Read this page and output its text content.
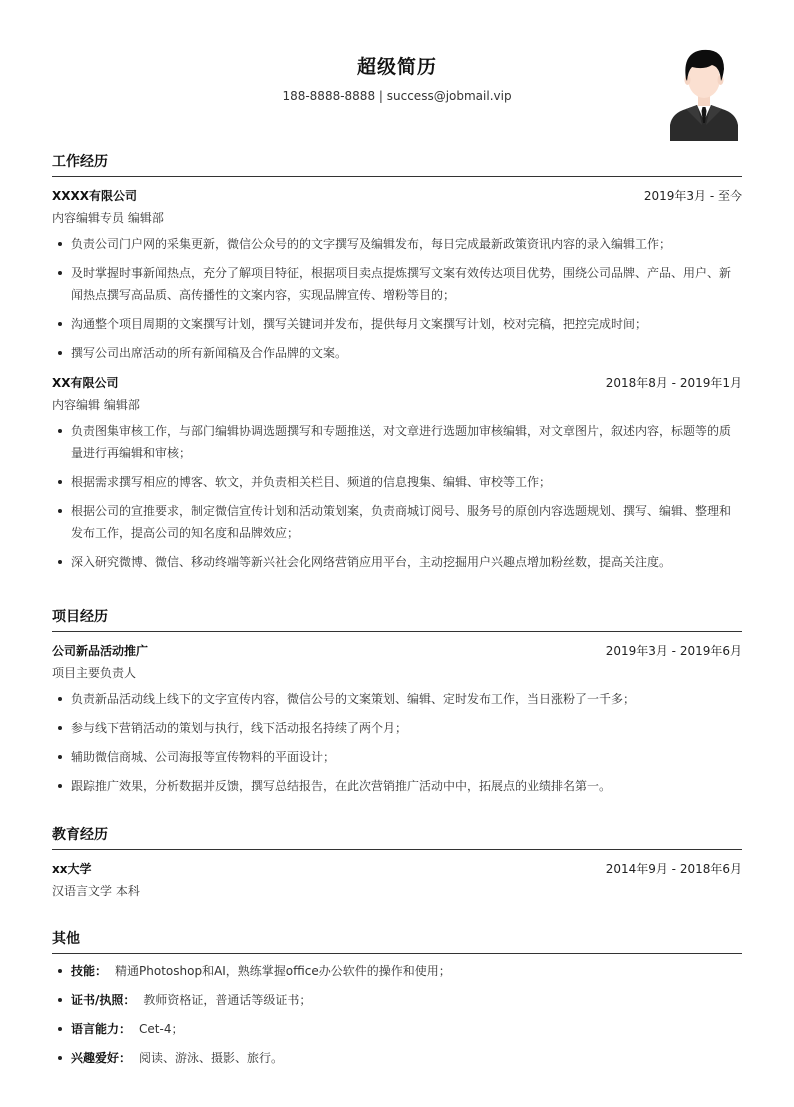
超级简历
188-8888-8888 | success@jobmail.vip
工作经历
XXXX有限公司	2019年3月 - 至今
内容编辑专员 编辑部
负责公司门户网的采集更新，微信公众号的的文字撰写及编辑发布，每日完成最新政策资讯内容的录入编辑工作；
及时掌握时事新闻热点，充分了解项目特征，根据项目卖点提炼撰写文案有效传达项目优势，围绕公司品牌、产品、用户、新闻热点撰写高品质、高传播性的文案内容，实现品牌宣传、增粉等目的；
沟通整个项目周期的文案撰写计划，撰写关键词并发布，提供每月文案撰写计划，校对完稿，把控完成时间；
撰写公司出席活动的所有新闻稿及合作品牌的文案。
XX有限公司	2018年8月 - 2019年1月
内容编辑 编辑部
负责图集审核工作，与部门编辑协调选题撰写和专题推送，对文章进行选题加审核编辑，对文章图片，叙述内容，标题等的质量进行再编辑和审核；
根据需求撰写相应的博客、软文，并负责相关栏目、频道的信息搜集、编辑、审校等工作；
根据公司的宣推要求，制定微信宣传计划和活动策划案，负责商城订阅号、服务号的原创内容选题规划、撰写、编辑、整理和发布工作，提高公司的知名度和品牌效应；
深入研究微博、微信、移动终端等新兴社会化网络营销应用平台，主动挖掘用户兴趣点增加粉丝数，提高关注度。
项目经历
公司新品活动推广	2019年3月 - 2019年6月
项目主要负责人
负责新品活动线上线下的文字宣传内容，微信公号的文案策划、编辑、定时发布工作，当日涨粉了一千多；
参与线下营销活动的策划与执行，线下活动报名持续了两个月；
辅助微信商城、公司海报等宣传物料的平面设计；
跟踪推广效果，分析数据并反馈，撰写总结报告，在此次营销推广活动中中，拓展点的业绩排名第一。
教育经历
xx大学	2014年9月 - 2018年6月
汉语言文学 本科
其他
技能： 精通Photoshop和AI，熟练掌握office办公软件的操作和使用；
证书/执照： 教师资格证，普通话等级证书；
语言能力： Cet-4；
兴趣爱好： 阅读、游泳、摄影、旅行。
